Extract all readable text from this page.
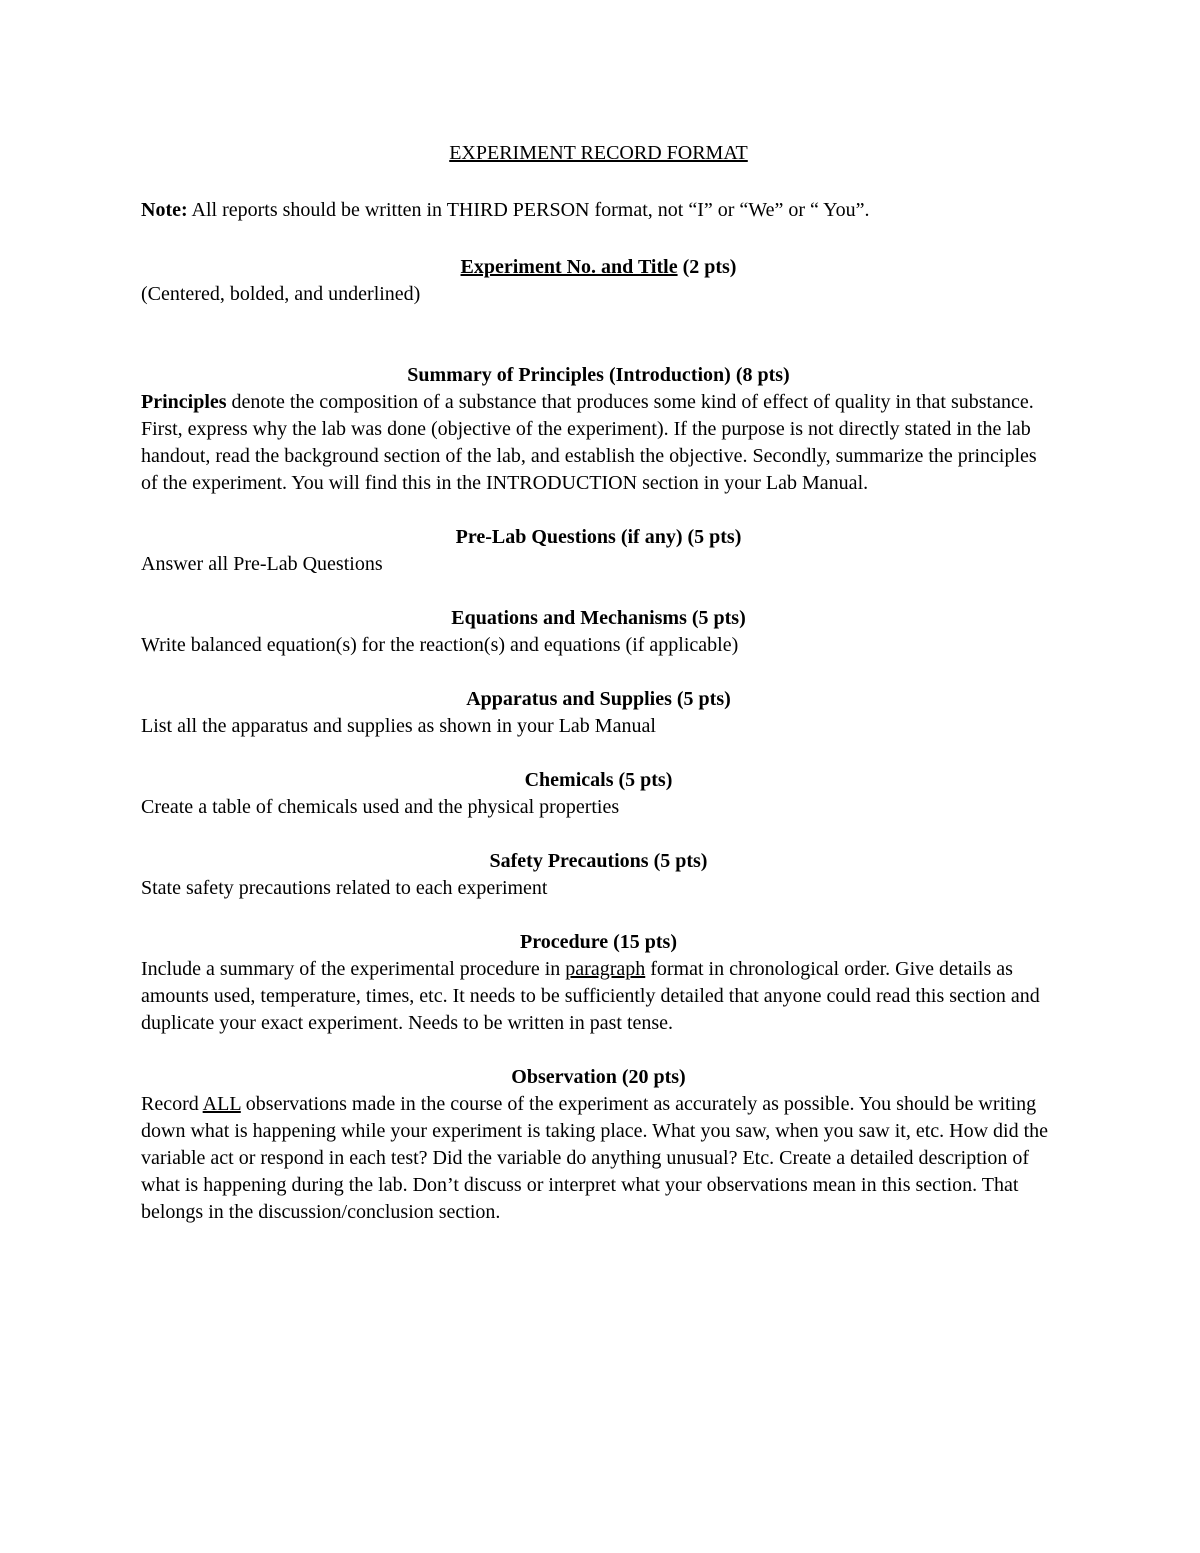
EXPERIMENT RECORD FORMAT

Note: All reports should be written in THIRD PERSON format, not “I” or “We” or “ You”.

Experiment No. and Title (2 pts)

(Centered, bolded, and underlined)

Summary of Principles (Introduction) (8 pts)

Principles denote the composition of a substance that produces some kind of effect of quality in that substance. First, express why the lab was done (objective of the experiment). If the purpose is not directly stated in the lab handout, read the background section of the lab, and establish the objective. Secondly, summarize the principles of the experiment. You will find this in the INTRODUCTION section in your Lab Manual.

Pre-Lab Questions (if any) (5 pts)

Answer all Pre-Lab Questions

Equations and Mechanisms (5 pts)

Write balanced equation(s) for the reaction(s) and equations (if applicable)

Apparatus and Supplies (5 pts)

List all the apparatus and supplies as shown in your Lab Manual

Chemicals (5 pts)

Create a table of chemicals used and the physical properties

Safety Precautions (5 pts)

State safety precautions related to each experiment

Procedure (15 pts)

Include a summary of the experimental procedure in paragraph format in chronological order. Give details as amounts used, temperature, times, etc. It needs to be sufficiently detailed that anyone could read this section and duplicate your exact experiment. Needs to be written in past tense.

Observation (20 pts)

Record ALL observations made in the course of the experiment as accurately as possible. You should be writing down what is happening while your experiment is taking place. What you saw, when you saw it, etc. How did the variable act or respond in each test? Did the variable do anything unusual? Etc. Create a detailed description of what is happening during the lab. Don’t discuss or interpret what your observations mean in this section. That belongs in the discussion/conclusion section.
